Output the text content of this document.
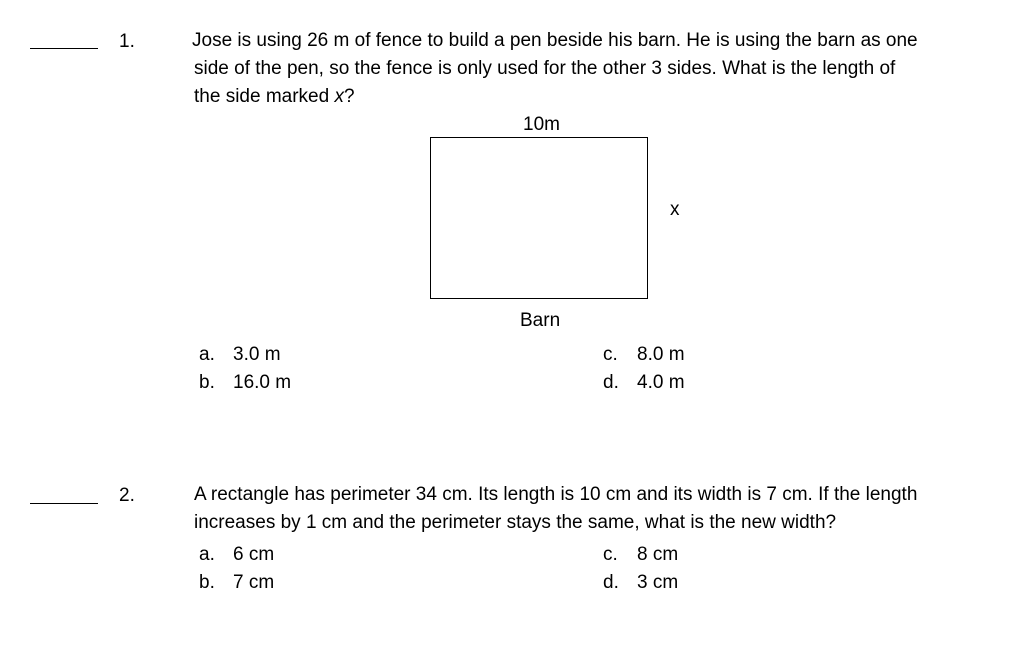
1.	Jose is using 26 m of fence to build a pen beside his barn. He is using the barn as one
side of the pen, so the fence is only used for the other 3 sides. What is the length of
the side marked x?
10m
x
Barn
a. 3.0 m
b. 16.0 m
c. 8.0 m
d. 4.0 m
2.	A rectangle has perimeter 34 cm. Its length is 10 cm and its width is 7 cm. If the length
increases by 1 cm and the perimeter stays the same, what is the new width?
a. 6 cm
b. 7 cm
c. 8 cm
d. 3 cm
